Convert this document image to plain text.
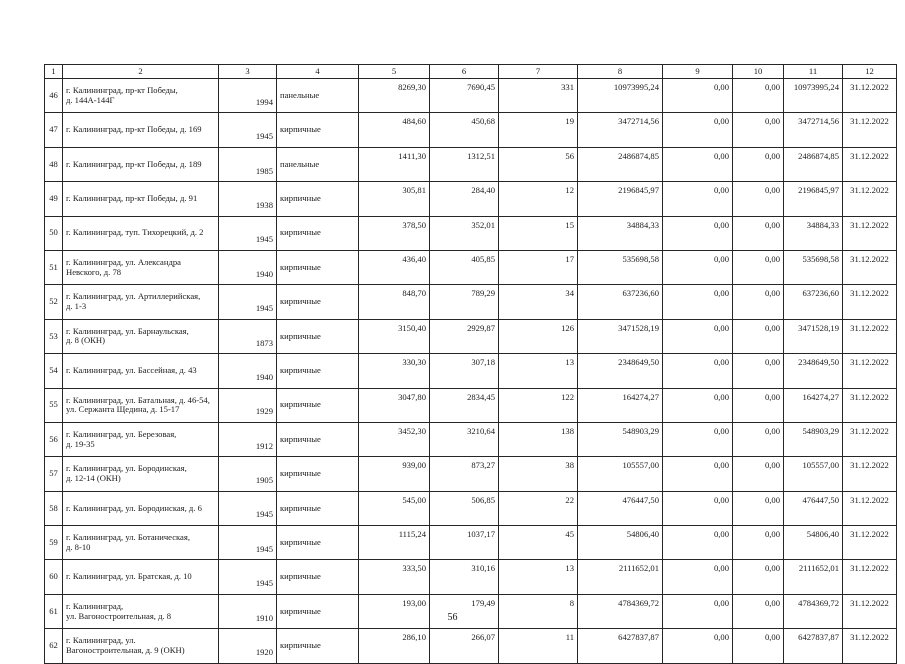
1	2	3	4	5	6	7	8	9	10	11	12
46	г. Калининград, пр-кт Победы,
д. 144А-144Г	1994	панельные	8269,30	7690,45	331	10973995,24	0,00	0,00	10973995,24	31.12.2022
47	г. Калининград, пр-кт Победы, д. 169	1945	кирпичные	484,60	450,68	19	3472714,56	0,00	0,00	3472714,56	31.12.2022
48	г. Калининград, пр-кт Победы, д. 189	1985	панельные	1411,30	1312,51	56	2486874,85	0,00	0,00	2486874,85	31.12.2022
49	г. Калининград, пр-кт Победы, д. 91	1938	кирпичные	305,81	284,40	12	2196845,97	0,00	0,00	2196845,97	31.12.2022
50	г. Калининград, туп. Тихорецкий, д. 2	1945	кирпичные	378,50	352,01	15	34884,33	0,00	0,00	34884,33	31.12.2022
51	г. Калининград, ул. Александра
Невского, д. 78	1940	кирпичные	436,40	405,85	17	535698,58	0,00	0,00	535698,58	31.12.2022
52	г. Калининград, ул. Артиллерийская,
д. 1-3	1945	кирпичные	848,70	789,29	34	637236,60	0,00	0,00	637236,60	31.12.2022
53	г. Калининград, ул. Барнаульская,
д. 8 (ОКН)	1873	кирпичные	3150,40	2929,87	126	3471528,19	0,00	0,00	3471528,19	31.12.2022
54	г. Калининград, ул. Бассейная, д. 43	1940	кирпичные	330,30	307,18	13	2348649,50	0,00	0,00	2348649,50	31.12.2022
55	г. Калининград, ул. Батальная, д. 46-54,
ул. Сержанта Щедина, д. 15-17	1929	кирпичные	3047,80	2834,45	122	164274,27	0,00	0,00	164274,27	31.12.2022
56	г. Калининград, ул. Березовая,
д. 19-35	1912	кирпичные	3452,30	3210,64	138	548903,29	0,00	0,00	548903,29	31.12.2022
57	г. Калининград, ул. Бородинская,
д. 12-14 (ОКН)	1905	кирпичные	939,00	873,27	38	105557,00	0,00	0,00	105557,00	31.12.2022
58	г. Калининград, ул. Бородинская, д. 6	1945	кирпичные	545,00	506,85	22	476447,50	0,00	0,00	476447,50	31.12.2022
59	г. Калининград, ул. Ботаническая,
д. 8-10	1945	кирпичные	1115,24	1037,17	45	54806,40	0,00	0,00	54806,40	31.12.2022
60	г. Калининград, ул. Братская, д. 10	1945	кирпичные	333,50	310,16	13	2111652,01	0,00	0,00	2111652,01	31.12.2022
61	г. Калининград,
ул. Вагоностроительная, д. 8	1910	кирпичные	193,00	179,49	8	4784369,72	0,00	0,00	4784369,72	31.12.2022
62	г. Калининград, ул.
Вагоностроительная, д. 9 (ОКН)	1920	кирпичные	286,10	266,07	11	6427837,87	0,00	0,00	6427837,87	31.12.2022
56
